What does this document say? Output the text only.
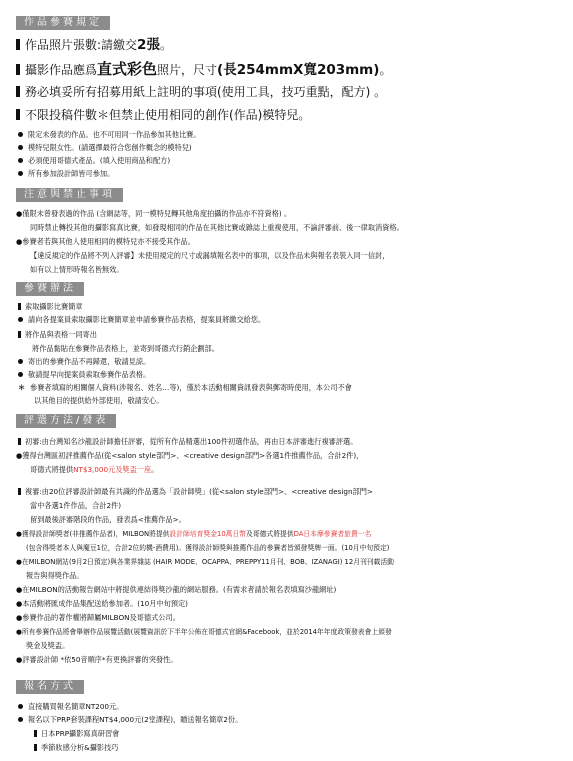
作品參賽規定
作品照片張數:請繳交2張。
攝影作品應爲直式彩色照片，尺寸(長254mmX寬203mm)。
務必填妥所有招募用紙上註明的事項(使用工具，技巧重點，配方) 。
不限投稿件數＊但禁止使用相同的創作(作品)模特兒。
限定未發表的作品。也不可用同一作品參加其他比賽。
模特兒限女性。(請選擇最符合您創作概念的模特兒)
必須使用哥德式產品。(填入使用商品和配方)
所有參加設計師皆可參加。
注意與禁止事項
●僅限未曾發表過的作品 (含網誌等，同一模特兒轉其他角度拍攝的作品亦不符資格) 。
同時禁止轉投其他的攝影寫真比賽，如發現相同的作品在其他比賽或雜誌上重複使用，不論評審前、後一律取消資格。
●參賽者若與其他人使用相同的模特兒亦不接受其作品。
【違反規定的作品將不列入評審】未使用規定的尺寸或漏填報名表中的事項，以及作品未與報名表裝入同一信封，
如有以上情形時報名皆無效。
參賽辦法
索取攝影比賽簡章
請向各提案員索取攝影比賽簡章並申請參賽作品表格，提案員將繳交給您。
將作品與表格一同寄出
將作品黏貼在參賽作品表格上，並寄到哥德式行銷企劃部。
寄出的參賽作品不再歸還，敬請見諒。
敬請提早向提案員索取參賽作品表格。
＊ 參賽者填寫的相關個人資料(涉報名、姓名…等)，僅於本活動相關資訊發表與郵寄時使用，本公司不會
以其他目的提供給外部使用，敬請安心。
評選方法/發表
初審:由台灣知名沙龍設計師擔任評審，從所有作品精選出100件初選作品，再由日本評審進行複審評選。
●獲得台灣區初評推薦作品(從<salon style部門>、<creative design部門>各選1件推薦作品，合計2件)，
哥德式將提供NT$3,000元及獎盃一座。
複審:由20位評審設計師最有共識的作品選為「設計師獎」(從<salon style部門>、<creative design部門>
當中各選1件作品，合計2件)
留到最後評審階段的作品，發表爲<推薦作品>。
●獲得設計師獎者(非推薦作品者)，MILBON將提供設計師培育獎金10萬日幣及哥德式將提供DA日本摩參賽者旅費一名
(包含得獎者本人與魔豆1位，合計2位的機-酒費用)。獲得設計師獎與推薦作品的參賽者皆頒發獎牌一面。(10月中旬預定)
●在MILBON網站(9月2日預定)與各業界雜誌 (HAIR MODE、OCAPPA、PREPPY11月刊、BOB、IZANAGI) 12月刊刊載活動
報告與得獎作品。
●在MILBON的活動報告網站中將提供連結得獎沙龍的網站服務。(有需求者請於報名表填寫沙龍網址)
●本活動將匯成作品集配送給參加者。(10月中旬預定)
●參賽作品的著作權將歸屬MILBON及哥德式公司。
●所有參賽作品將會舉辦作品展覽活動(展覽資訊於下半年公佈在哥德式官網&Facebook，並於2014年年度政策發表會上頒發
獎金及獎盃。
●評審設計師 *依50音順序*有更換評審的突發性。
報名方式
直接購買報名簡章NT200元。
報名以下PRP套裝課程NT$4,000元(2堂課程)，贈送報名簡章2份。
日本PRP攝影寫真研習會
季節妝感分析&攝影技巧
